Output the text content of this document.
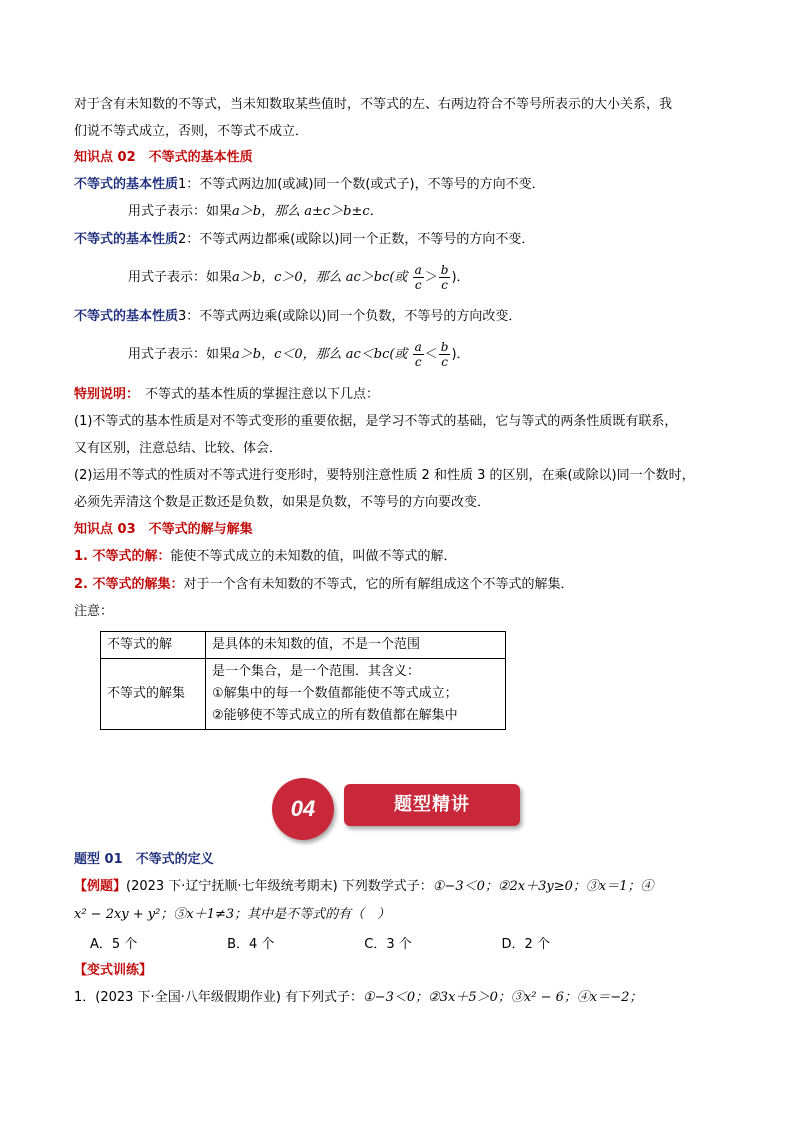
对于含有未知数的不等式，当未知数取某些值时，不等式的左、右两边符合不等号所表示的大小关系，我
们说不等式成立，否则，不等式不成立．
知识点 02　不等式的基本性质
不等式的基本性质1：不等式两边加(或减)同一个数(或式子)，不等号的方向不变．
用式子表示：如果a＞b，那么 a±c＞b±c．
不等式的基本性质2：不等式两边都乘(或除以)同一个正数，不等号的方向不变．
用式子表示：如果a＞b，c＞0，那么 ac＞bc(或 $\frac{a}{c} > \frac{b}{c}$ )．
不等式的基本性质3：不等式两边乘(或除以)同一个负数，不等号的方向改变．
用式子表示：如果a＞b，c＜0，那么 ac＜bc(或 $\frac{a}{c} < \frac{b}{c}$ )．
特别说明： 不等式的基本性质的掌握注意以下几点：
(1)不等式的基本性质是对不等式变形的重要依据，是学习不等式的基础，它与等式的两条性质既有联系，
又有区别，注意总结、比较、体会．
(2)运用不等式的性质对不等式进行变形时，要特别注意性质 2 和性质 3 的区别，在乘(或除以)同一个数时，
必须先弄清这个数是正数还是负数，如果是负数，不等号的方向要改变．
知识点 03　不等式的解与解集
1. 不等式的解：能使不等式成立的未知数的值，叫做不等式的解．
2. 不等式的解集：对于一个含有未知数的不等式，它的所有解组成这个不等式的解集．
注意：
不等式的解	是具体的未知数的值，不是一个范围
不等式的解集	是一个集合，是一个范围．其含义：
①解集中的每一个数值都能使不等式成立；
②能够使不等式成立的所有数值都在解集中
04	题型精讲
题型 01　不等式的定义
【例题】(2023 下·辽宁抚顺·七年级统考期末) 下列数学式子：①−3＜0；②2x＋3y≥0；③x＝1；④
x² − 2xy + y²；⑤x＋1≠3；其中是不等式的有（　）
A．5 个	B．4 个	C．3 个	D．2 个
【变式训练】
1．(2023 下·全国·八年级假期作业) 有下列式子：①−3＜0；②3x＋5＞0；③x² − 6；④x＝−2；
